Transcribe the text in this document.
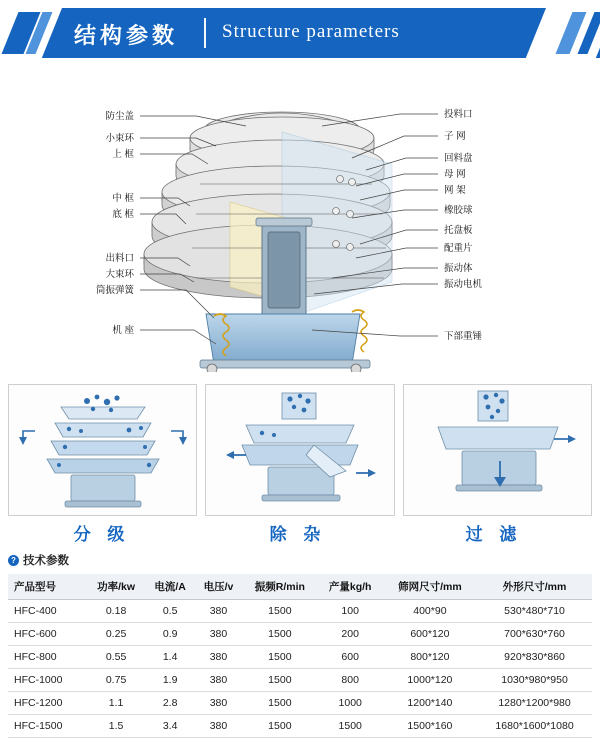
结构参数 Structure parameters
防尘盖
小束环
上 框
中 框
底 框
出料口
大束环
筒振弹簧
机 座
投料口
子 网
回料盘
母 网
网 架
橡胶球
托盘板
配重片
振动体
振动电机
下部重锤
分 级	除 杂	过 滤
? 技术参数
产品型号	功率/kw	电流/A	电压/v	振频R/min	产量kg/h	筛网尺寸/mm	外形尺寸/mm
HFC-400	0.18	0.5	380	1500	100	400*90	530*480*710
HFC-600	0.25	0.9	380	1500	200	600*120	700*630*760
HFC-800	0.55	1.4	380	1500	600	800*120	920*830*860
HFC-1000	0.75	1.9	380	1500	800	1000*120	1030*980*950
HFC-1200	1.1	2.8	380	1500	1000	1200*140	1280*1200*980
HFC-1500	1.5	3.4	380	1500	1500	1500*160	1680*1600*1080
